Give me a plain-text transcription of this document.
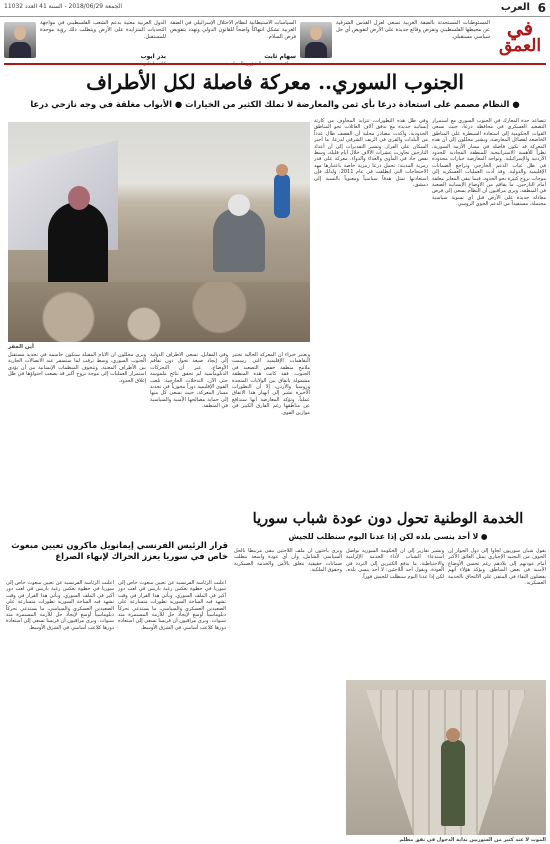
6
العرب
الجمعة 2018/06/29 - السنة 41 العدد 11032
في
العمق
المستوطنات المستحدثة بالضفة الغربية تسعى لعزل القدس الشرقية عن محيطها الفلسطيني وتفرض وقائع جديدة على الأرض لتقويض أي حل سياسي مستقبلي.
السياسات الاستيطانية لنظام الاحتلال الإسرائيلي في الضفة الغربية تشكل انتهاكاً واضحاً للقانون الدولي وتهدد بتقويض فرص السلام.
سهام ثابت
الدول العربية معنية بدعم الشعب الفلسطيني في مواجهة التحديات المتزايدة على الأرض ويتطلب ذلك رؤية موحدة للمستقبل.
بدر ايوب
الجنوب السوري.. معركة فاصلة لكل الأطراف
● النظام مصمم على استعادة درعا بأي ثمن والمعارضة لا تملك الكثير من الخيارات ● الأبواب مغلقة في وجه نازحي درعا
تتصاعد حدة المعارك في الجنوب السوري مع استمرار التصعيد العسكري في محافظة درعا، حيث تسعى القوات الحكومية إلى استعادة السيطرة على المناطق الخاضعة لفصائل المعارضة. ويشير محللون إلى أن هذه المعركة قد تكون فاصلة في مسار الأزمة السورية، نظراً للأهمية الاستراتيجية للمنطقة المحاذية للحدود الأردنية والإسرائيلية. وتواجه المعارضة خيارات محدودة في ظل غياب الدعم الخارجي وتراجع الضمانات الإقليمية والدولية. وقد أدت العمليات العسكرية إلى موجات نزوح كبيرة نحو الحدود، فيما تبقى المعابر مغلقة أمام النازحين، ما يفاقم من الأوضاع الإنسانية الصعبة في المنطقة. ويرى مراقبون أن النظام يسعى إلى فرض معادلة جديدة على الأرض قبل أي تسوية سياسية محتملة، مستفيداً من الدعم الجوي الروسي.
وفي ظل هذه التطورات، تتزايد المخاوف من كارثة إنسانية جديدة مع تدفق آلاف العائلات نحو المناطق الحدودية. وأكدت مصادر محلية أن القصف طال عدداً من البلدات والقرى في الريف الشرقي لدرعا، ما أجبر السكان على الفرار. وتشير التقديرات إلى أن أعداد النازحين تجاوزت عشرات الآلاف خلال أيام قليلة، وسط نقص حاد في المأوى والغذاء والدواء. معركة على قدر رمزية المدينة: تحمل درعا رمزية خاصة باعتبارها مهد الاحتجاجات التي انطلقت في عام 2011، ولذلك فإن استعادتها تمثل هدفاً سياسياً ومعنوياً بالنسبة إلى دمشق.
أين المفر
ويعتبر خبراء أن المعركة الحالية تختبر التفاهمات الإقليمية التي رسمت ملامح منطقة خفض التصعيد في الجنوب. فقد كانت هذه المنطقة مشمولة باتفاق بين الولايات المتحدة وروسيا والأردن، إلا أن التطورات الأخيرة تشير إلى انهيار هذا الاتفاق عملياً. وتؤكد المعارضة أنها ستدافع عن مناطقها رغم الفارق الكبير في موازين القوى.
وفي المقابل، تسعى الأطراف الدولية إلى إيجاد صيغة تحول دون تفاقم الأوضاع، غير أن التحركات الدبلوماسية لم تحقق نتائج ملموسة حتى الآن. التدخلات الخارجية: تلعب القوى الإقليمية دوراً محورياً في تحديد مسار المعركة، حيث تسعى كل منها إلى حماية مصالحها الأمنية والسياسية في المنطقة.
ويرى محللون أن الأيام المقبلة ستكون حاسمة في تحديد مستقبل الجنوب السوري، وسط ترقب لما ستسفر عنه الاتصالات الجارية بين الأطراف المعنية. وتتخوف المنظمات الإنسانية من أن يؤدي استمرار العمليات إلى موجة نزوح أكبر قد يصعب احتواؤها في ظل إغلاق الحدود.
قرار الرئيس الفرنسي إيمانويل ماكرون تعيين مبعوث خاص في سوريا يعزز الحراك لإنهاء الصراع
أعلنت الرئاسة الفرنسية عن تعيين مبعوث خاص إلى سوريا في خطوة تعكس رغبة باريس في لعب دور أكبر في الملف السوري. ويأتي هذا القرار في وقت تشهد فيه الساحة السورية تطورات متسارعة على الصعيدين العسكري والسياسي، ما يستدعي تحركاً دبلوماسياً أوسع لإيجاد حل للأزمة المستمرة منذ سنوات. ويرى مراقبون أن فرنسا تسعى إلى استعادة دورها كلاعب أساسي في الشرق الأوسط.
أعلنت الرئاسة الفرنسية عن تعيين مبعوث خاص إلى سوريا في خطوة تعكس رغبة باريس في لعب دور أكبر في الملف السوري. ويأتي هذا القرار في وقت تشهد فيه الساحة السورية تطورات متسارعة على الصعيدين العسكري والسياسي، ما يستدعي تحركاً دبلوماسياً أوسع لإيجاد حل للأزمة المستمرة منذ سنوات. ويرى مراقبون أن فرنسا تسعى إلى استعادة دورها كلاعب أساسي في الشرق الأوسط.
الخدمة الوطنية تحول دون عودة شباب سوريا
● لا أحد ينسى بلده لكن إذا عدنا اليوم سنطلب للجيش
يقول شبان سوريون لجأوا إلى دول الجوار إن الخوف من التجنيد الإجباري يمثل العائق الأكبر أمام عودتهم إلى بلادهم رغم تحسن الأوضاع الأمنية في بعض المناطق. ويؤكد هؤلاء أنهم يفضلون البقاء في المنفى على الالتحاق بالخدمة العسكرية.
وتشير تقارير إلى أن الحكومة السورية تواصل استدعاء الشباب لأداء الخدمة الإلزامية والاحتياطية، ما يدفع الكثيرين إلى التردد في العودة. ويقول أحد اللاجئين: لا أحد ينسى بلده، لكن إذا عدنا اليوم سنطلب للجيش فوراً.
ويرى باحثون أن ملف اللاجئين يبقى مرتبطاً بالحل السياسي الشامل، وأن أي عودة واسعة تتطلب ضمانات حقيقية تتعلق بالأمن والخدمة العسكرية وحقوق الملكية.
الموت لا عند كثير من السوريين بداية الدخول في نفق مظلم
